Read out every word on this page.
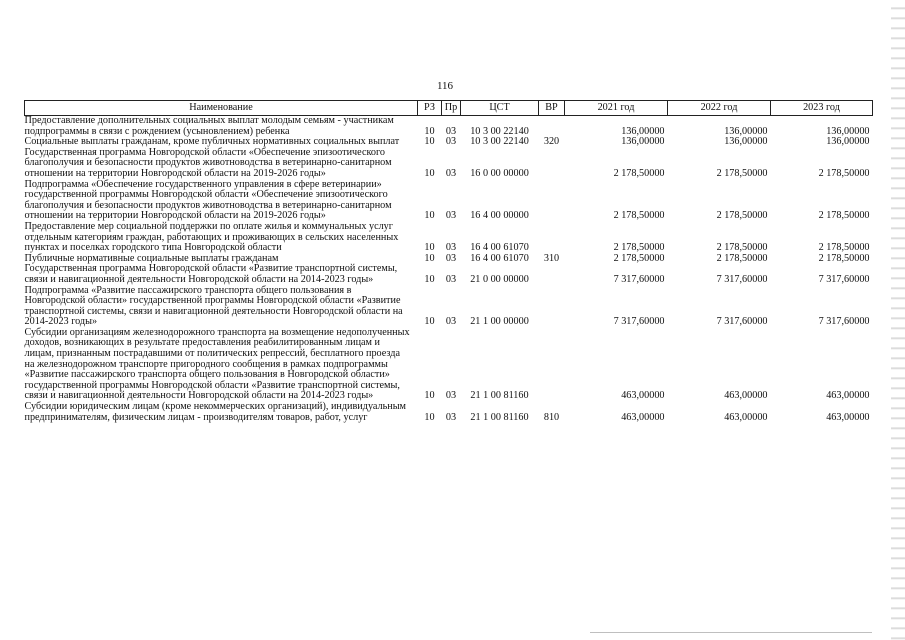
116
Наименование	РЗ	Пр	ЦСТ	ВР	2021 год	2022 год	2023 год
Предоставление дополнительных социальных выплат молодым семьям - участникам подпрограммы в связи с рождением (усыновлением) ребенка	10	03	10 3 00 22140		136,00000	136,00000	136,00000
Социальные выплаты гражданам, кроме публичных нормативных социальных выплат	10	03	10 3 00 22140	320	136,00000	136,00000	136,00000
Государственная программа Новгородской области «Обеспечение эпизоотического благополучия и безопасности продуктов животноводства в ветеринарно-санитарном отношении на территории Новгородской области на 2019-2026 годы»	10	03	16 0 00 00000		2 178,50000	2 178,50000	2 178,50000
Подпрограмма «Обеспечение государственного управления в сфере ветеринарии» государственной программы Новгородской области «Обеспечение эпизоотического благополучия и безопасности продуктов животноводства в ветеринарно-санитарном отношении на территории Новгородской области на 2019-2026 годы»	10	03	16 4 00 00000		2 178,50000	2 178,50000	2 178,50000
Предоставление мер социальной поддержки по оплате жилья и коммунальных услуг отдельным категориям граждан, работающих и проживающих в сельских населенных пунктах и поселках городского типа Новгородской области	10	03	16 4 00 61070		2 178,50000	2 178,50000	2 178,50000
Публичные нормативные социальные выплаты гражданам	10	03	16 4 00 61070	310	2 178,50000	2 178,50000	2 178,50000
Государственная программа Новгородской области «Развитие транспортной системы, связи и навигационной деятельности Новгородской области на 2014-2023 годы»	10	03	21 0 00 00000		7 317,60000	7 317,60000	7 317,60000
Подпрограмма «Развитие пассажирского транспорта общего пользования в Новгородской области» государственной программы Новгородской области «Развитие транспортной системы, связи и навигационной деятельности Новгородской области на 2014-2023 годы»	10	03	21 1 00 00000		7 317,60000	7 317,60000	7 317,60000
Субсидии организациям железнодорожного транспорта на возмещение недополученных доходов, возникающих в результате предоставления реабилитированным лицам и лицам, признанным пострадавшими от политических репрессий, бесплатного проезда на железнодорожном транспорте пригородного сообщения в рамках подпрограммы «Развитие пассажирского транспорта общего пользования в Новгородской области» государственной программы Новгородской области «Развитие транспортной системы, связи и навигационной деятельности Новгородской области на 2014-2023 годы»	10	03	21 1 00 81160		463,00000	463,00000	463,00000
Субсидии юридическим лицам (кроме некоммерческих организаций), индивидуальным предпринимателям, физическим лицам - производителям товаров, работ, услуг	10	03	21 1 00 81160	810	463,00000	463,00000	463,00000
